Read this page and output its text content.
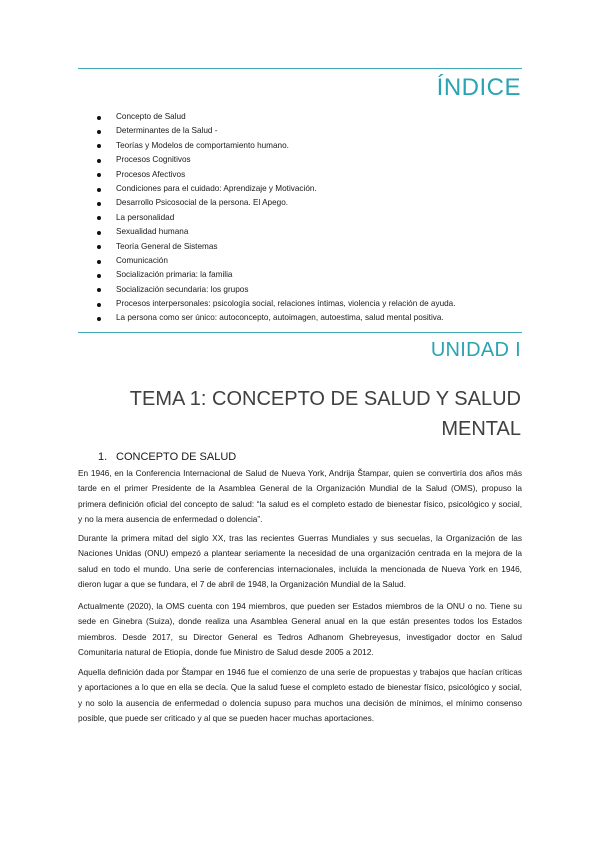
ÍNDICE
Concepto de Salud
Determinantes de la Salud -
Teorías y Modelos de comportamiento humano.
Procesos Cognitivos
Procesos Afectivos
Condiciones para el cuidado: Aprendizaje y Motivación.
Desarrollo Psicosocial de la persona. El Apego.
La personalidad
Sexualidad humana
Teoría General de Sistemas
Comunicación
Socialización primaria: la familia
Socialización secundaria: los grupos
Procesos interpersonales: psicología social, relaciones íntimas, violencia y relación de ayuda.
La persona como ser único: autoconcepto, autoimagen, autoestima, salud mental positiva.
UNIDAD I
TEMA 1: CONCEPTO DE SALUD Y SALUD MENTAL
1. CONCEPTO DE SALUD

En 1946, en la Conferencia Internacional de Salud de Nueva York, Andrija Štampar, quien se convertiría dos años más tarde en el primer Presidente de la Asamblea General de la Organización Mundial de la Salud (OMS), propuso la primera definición oficial del concepto de salud: “la salud es el completo estado de bienestar físico, psicológico y social, y no la mera ausencia de enfermedad o dolencia”.

Durante la primera mitad del siglo XX, tras las recientes Guerras Mundiales y sus secuelas, la Organización de las Naciones Unidas (ONU) empezó a plantear seriamente la necesidad de una organización centrada en la mejora de la salud en todo el mundo. Una serie de conferencias internacionales, incluida la mencionada de Nueva York en 1946, dieron lugar a que se fundara, el 7 de abril de 1948, la Organización Mundial de la Salud.

Actualmente (2020), la OMS cuenta con 194 miembros, que pueden ser Estados miembros de la ONU o no. Tiene su sede en Ginebra (Suiza), donde realiza una Asamblea General anual en la que están presentes todos los Estados miembros. Desde 2017, su Director General es Tedros Adhanom Ghebreyesus, investigador doctor en Salud Comunitaria natural de Etiopía, donde fue Ministro de Salud desde 2005 a 2012.

Aquella definición dada por Štampar en 1946 fue el comienzo de una serie de propuestas y trabajos que hacían críticas y aportaciones a lo que en ella se decía. Que la salud fuese el completo estado de bienestar físico, psicológico y social, y no solo la ausencia de enfermedad o dolencia supuso para muchos una decisión de mínimos, el mínimo consenso posible, que puede ser criticado y al que se pueden hacer muchas aportaciones.
